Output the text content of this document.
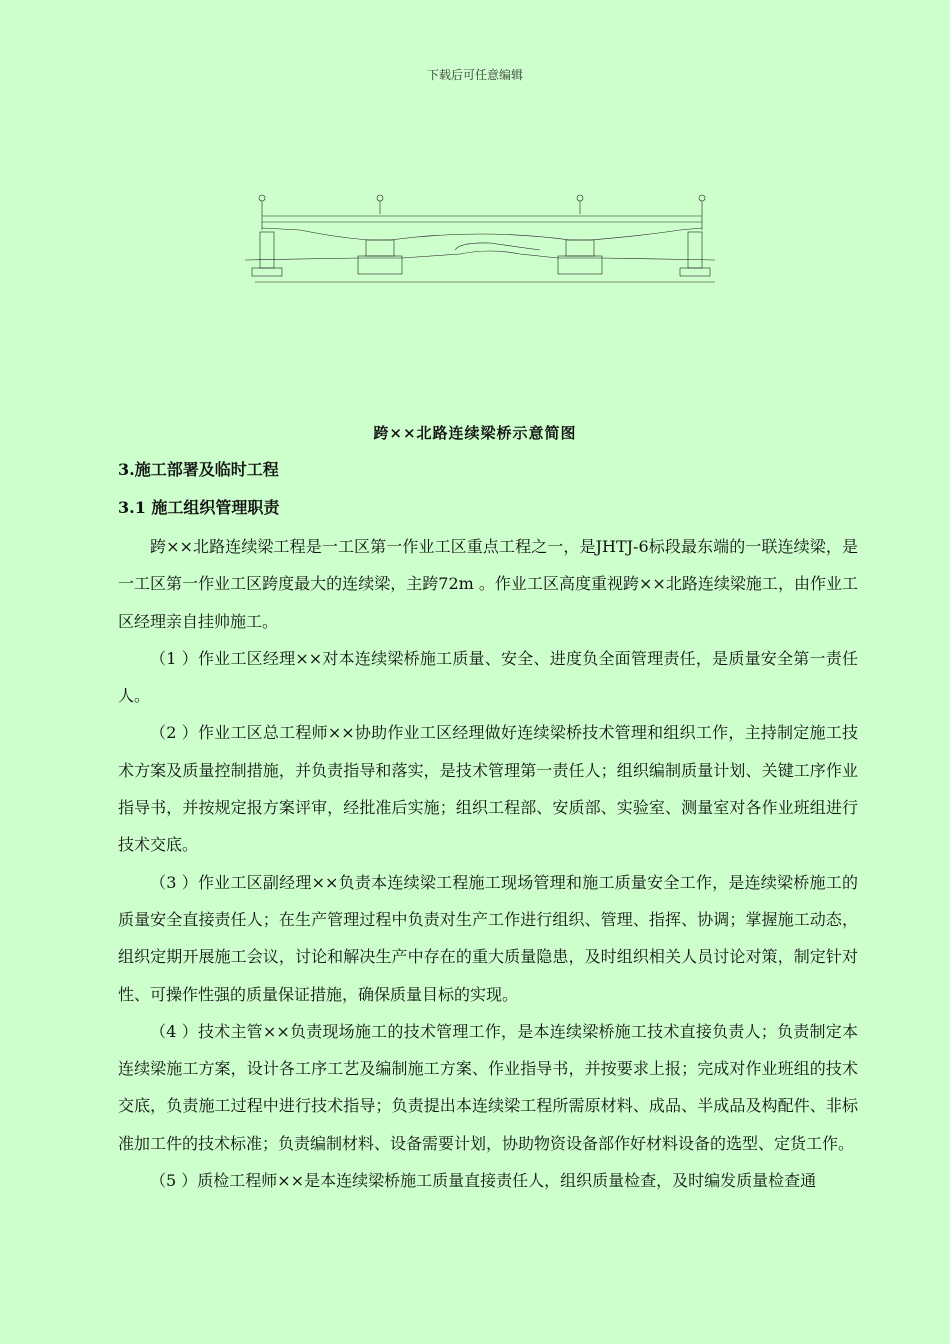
下载后可任意编辑
跨××北路连续梁桥示意简图
3.施工部署及临时工程
3.1 施工组织管理职责

跨××北路连续梁工程是一工区第一作业工区重点工程之一，是JHTJ-6标段最东端的一联连续梁，是一工区第一作业工区跨度最大的连续梁，主跨72m 。作业工区高度重视跨××北路连续梁施工，由作业工区经理亲自挂帅施工。

（1 ）作业工区经理××对本连续梁桥施工质量、安全、进度负全面管理责任，是质量安全第一责任人。

（2 ）作业工区总工程师××协助作业工区经理做好连续梁桥技术管理和组织工作，主持制定施工技术方案及质量控制措施，并负责指导和落实，是技术管理第一责任人；组织编制质量计划、关键工序作业指导书，并按规定报方案评审，经批准后实施；组织工程部、安质部、实验室、测量室对各作业班组进行技术交底。

（3 ）作业工区副经理××负责本连续梁工程施工现场管理和施工质量安全工作，是连续梁桥施工的质量安全直接责任人；在生产管理过程中负责对生产工作进行组织、管理、指挥、协调；掌握施工动态，组织定期开展施工会议，讨论和解决生产中存在的重大质量隐患，及时组织相关人员讨论对策，制定针对性、可操作性强的质量保证措施，确保质量目标的实现。

（4 ）技术主管××负责现场施工的技术管理工作，是本连续梁桥施工技术直接负责人；负责制定本连续梁施工方案，设计各工序工艺及编制施工方案、作业指导书，并按要求上报；完成对作业班组的技术交底，负责施工过程中进行技术指导；负责提出本连续梁工程所需原材料、成品、半成品及构配件、非标准加工件的技术标准；负责编制材料、设备需要计划，协助物资设备部作好材料设备的选型、定货工作。

（5 ）质检工程师××是本连续梁桥施工质量直接责任人，组织质量检查，及时编发质量检查通
